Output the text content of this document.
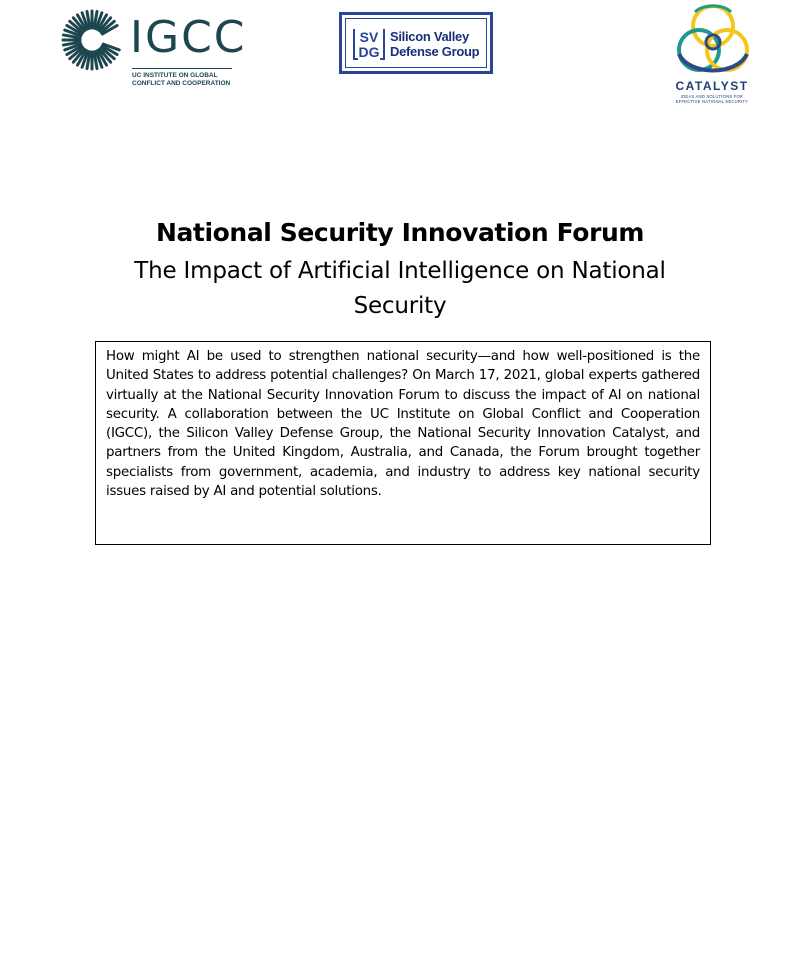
IGCC
UC INSTITUTE ON GLOBAL
CONFLICT AND COOPERATION
SV
DG
Silicon Valley
Defense Group
CATALYST
IDEAS AND SOLUTIONS FOR
EFFECTIVE NATIONAL SECURITY
National Security Innovation Forum
The Impact of Artificial Intelligence on National Security

How might AI be used to strengthen national security—and how well-positioned is the United States to address potential challenges? On March 17, 2021, global experts gathered virtually at the National Security Innovation Forum to discuss the impact of AI on national security. A collaboration between the UC Institute on Global Conflict and Cooperation (IGCC), the Silicon Valley Defense Group, the National Security Innovation Catalyst, and partners from the United Kingdom, Australia, and Canada, the Forum brought together specialists from government, academia, and industry to address key national security issues raised by AI and potential solutions.
